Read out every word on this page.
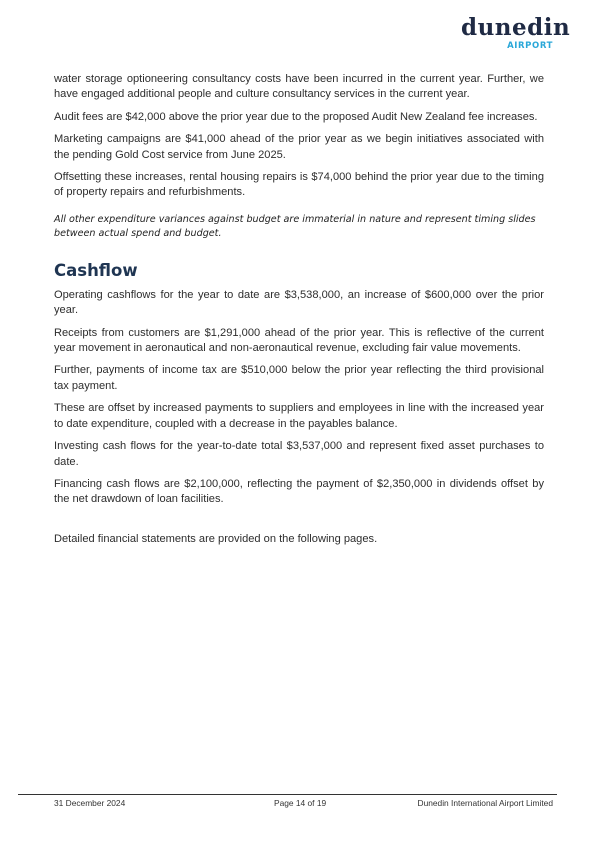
dunedin
AIRPORT

water storage optioneering consultancy costs have been incurred in the current year. Further, we have engaged additional people and culture consultancy services in the current year.

Audit fees are $42,000 above the prior year due to the proposed Audit New Zealand fee increases.

Marketing campaigns are $41,000 ahead of the prior year as we begin initiatives associated with the pending Gold Cost service from June 2025.

Offsetting these increases, rental housing repairs is $74,000 behind the prior year due to the timing of property repairs and refurbishments.

All other expenditure variances against budget are immaterial in nature and represent timing slides between actual spend and budget.

Cashflow

Operating cashflows for the year to date are $3,538,000, an increase of $600,000 over the prior year.

Receipts from customers are $1,291,000 ahead of the prior year. This is reflective of the current year movement in aeronautical and non-aeronautical revenue, excluding fair value movements.

Further, payments of income tax are $510,000 below the prior year reflecting the third provisional tax payment.

These are offset by increased payments to suppliers and employees in line with the increased year to date expenditure, coupled with a decrease in the payables balance.

Investing cash flows for the year-to-date total $3,537,000 and represent fixed asset purchases to date.

Financing cash flows are $2,100,000, reflecting the payment of $2,350,000 in dividends offset by the net drawdown of loan facilities.

Detailed financial statements are provided on the following pages.

31 December 2024	Page 14 of 19	Dunedin International Airport Limited
